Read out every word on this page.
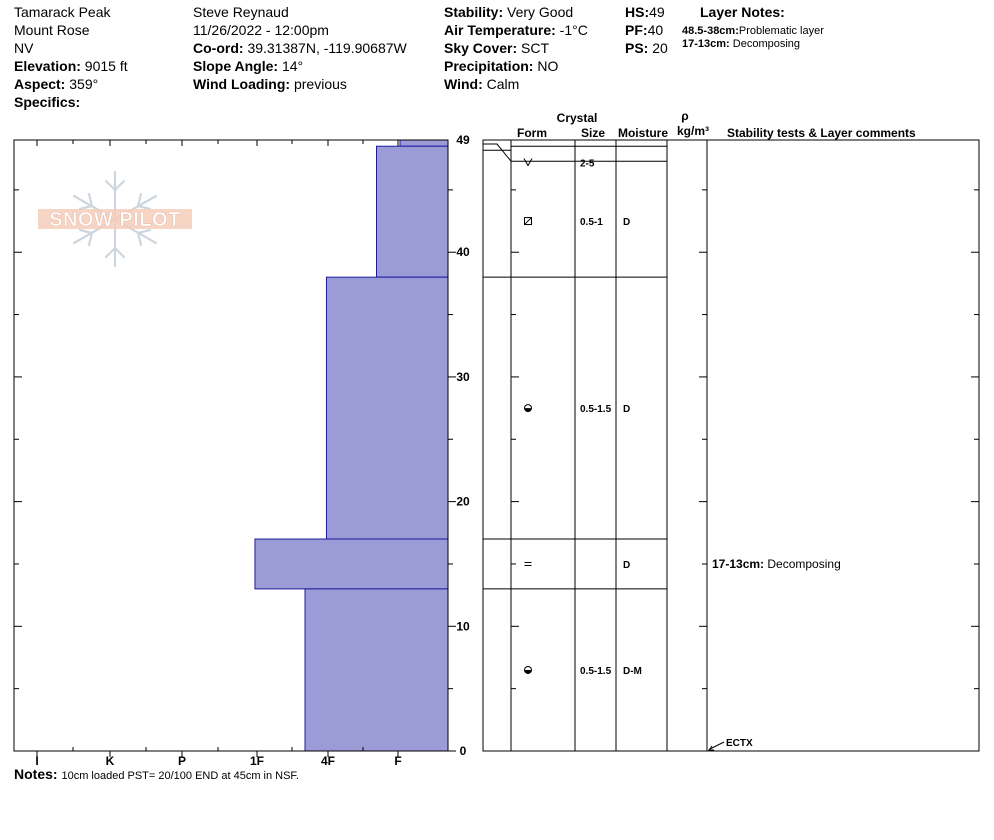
Tamarack Peak
Mount Rose
NV
Elevation: 9015 ft
Aspect: 359°
Specifics:
Steve Reynaud
11/26/2022 - 12:00pm
Co-ord: 39.31387N, -119.90687W
Slope Angle: 14°
Wind Loading: previous
Stability: Very Good
Air Temperature: -1°C
Sky Cover: SCT
Precipitation: NO
Wind: Calm
HS:49
PF:40
PS: 20
Layer Notes:
48.5-38cm:Problematic layer
17-13cm: Decomposing
SNOW PILOT
I	K	P	1F	4F	F
0
10
20
30
40
49
Crystal
Form	Size Moisture
ρ
kg/m³ Stability tests & Layer comments
2-5
0.5-1 D
0.5-1.5 D
D
0.5-1.5 D-M
17-13cm: Decomposing
ECTX
Notes: 10cm loaded PST= 20/100 END at 45cm in NSF.
